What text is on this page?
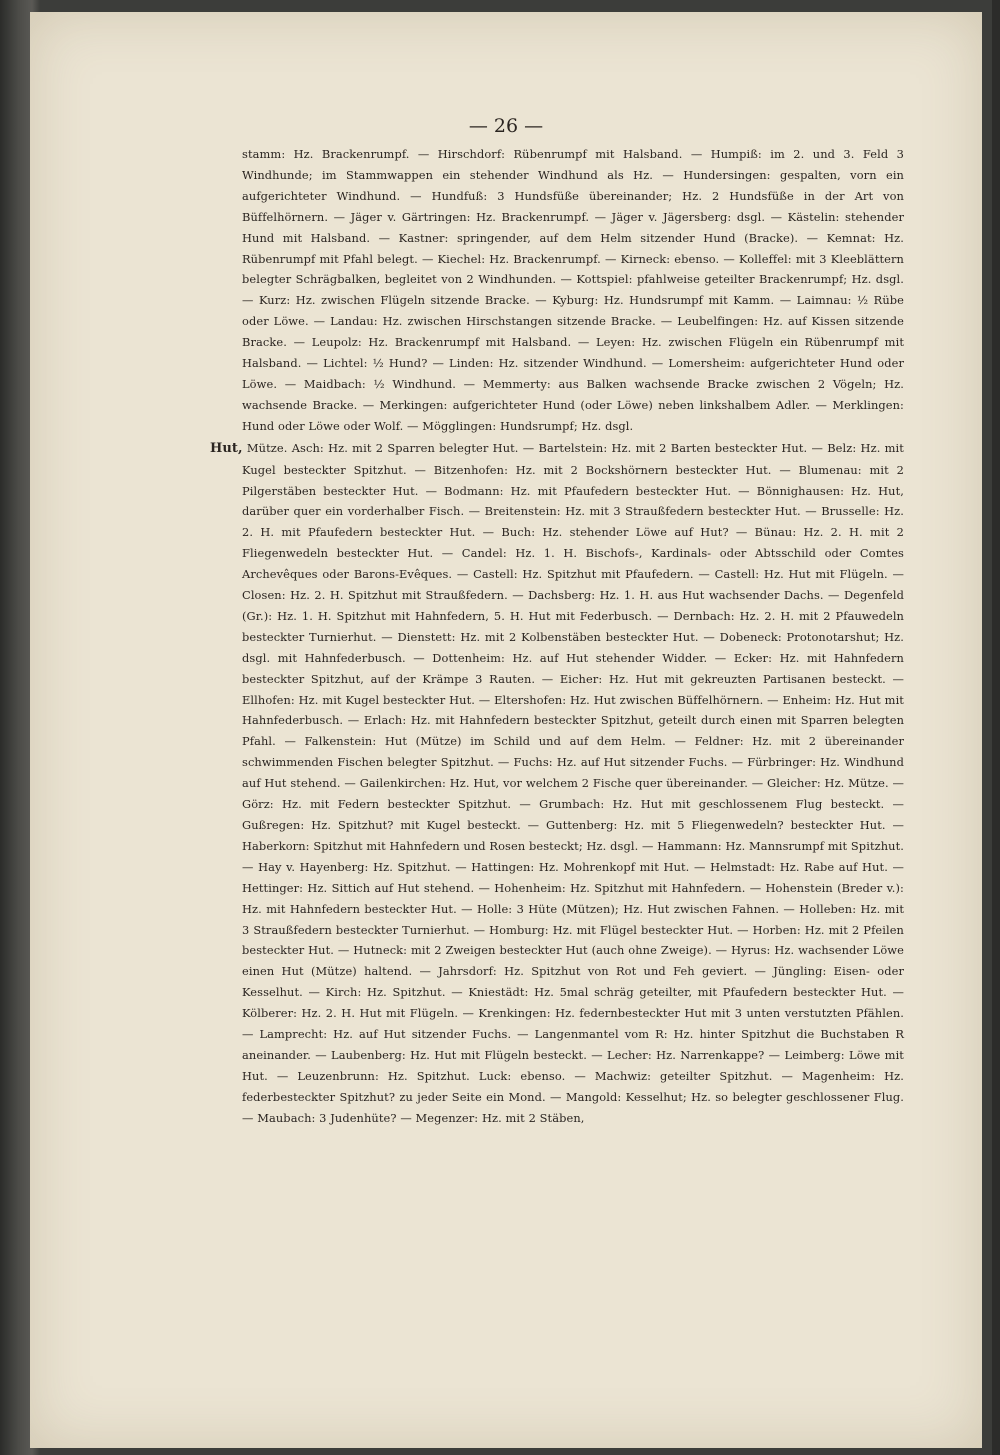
— 26 —

stamm: Hz. Brackenrumpf. — Hirschdorf: Rübenrumpf mit Halsband. — Humpiß: im 2. und 3. Feld 3 Windhunde; im Stammwappen ein stehender Windhund als Hz. — Hundersingen: gespalten, vorn ein aufgerichteter Windhund. — Hundfuß: 3 Hundsfüße übereinander; Hz. 2 Hundsfüße in der Art von Büffelhörnern. — Jäger v. Gärtringen: Hz. Brackenrumpf. — Jäger v. Jägersberg: dsgl. — Kästelin: stehender Hund mit Halsband. — Kastner: springender, auf dem Helm sitzender Hund (Bracke). — Kemnat: Hz. Rübenrumpf mit Pfahl belegt. — Kiechel: Hz. Brackenrumpf. — Kirneck: ebenso. — Kolleffel: mit 3 Kleeblättern belegter Schrägbalken, begleitet von 2 Windhunden. — Kottspiel: pfahlweise geteilter Brackenrumpf; Hz. dsgl. — Kurz: Hz. zwischen Flügeln sitzende Bracke. — Kyburg: Hz. Hundsrumpf mit Kamm. — Laimnau: ½ Rübe oder Löwe. — Landau: Hz. zwischen Hirschstangen sitzende Bracke. — Leubelfingen: Hz. auf Kissen sitzende Bracke. — Leupolz: Hz. Brackenrumpf mit Halsband. — Leyen: Hz. zwischen Flügeln ein Rübenrumpf mit Halsband. — Lichtel: ½ Hund? — Linden: Hz. sitzender Windhund. — Lomersheim: aufgerichteter Hund oder Löwe. — Maidbach: ½ Windhund. — Memmerty: aus Balken wachsende Bracke zwischen 2 Vögeln; Hz. wachsende Bracke. — Merkingen: aufgerichteter Hund (oder Löwe) neben linkshalbem Adler. — Merklingen: Hund oder Löwe oder Wolf. — Mögglingen: Hundsrumpf; Hz. dsgl.

Hut, Mütze. Asch: Hz. mit 2 Sparren belegter Hut. — Bartelstein: Hz. mit 2 Barten besteckter Hut. — Belz: Hz. mit Kugel besteckter Spitzhut. — Bitzenhofen: Hz. mit 2 Bockshörnern besteckter Hut. — Blumenau: mit 2 Pilgerstäben besteckter Hut. — Bodmann: Hz. mit Pfaufedern besteckter Hut. — Bönnighausen: Hz. Hut, darüber quer ein vorderhalber Fisch. — Breitenstein: Hz. mit 3 Straußfedern besteckter Hut. — Brusselle: Hz. 2. H. mit Pfaufedern besteckter Hut. — Buch: Hz. stehender Löwe auf Hut? — Bünau: Hz. 2. H. mit 2 Fliegenwedeln besteckter Hut. — Candel: Hz. 1. H. Bischofs-, Kardinals- oder Abtsschild oder Comtes Archevêques oder Barons-Evêques. — Castell: Hz. Spitzhut mit Pfaufedern. — Castell: Hz. Hut mit Flügeln. — Closen: Hz. 2. H. Spitzhut mit Straußfedern. — Dachsberg: Hz. 1. H. aus Hut wachsender Dachs. — Degenfeld (Gr.): Hz. 1. H. Spitzhut mit Hahnfedern, 5. H. Hut mit Federbusch. — Dernbach: Hz. 2. H. mit 2 Pfauwedeln besteckter Turnierhut. — Dienstett: Hz. mit 2 Kolbenstäben besteckter Hut. — Dobeneck: Protonotarshut; Hz. dsgl. mit Hahnfederbusch. — Dottenheim: Hz. auf Hut stehender Widder. — Ecker: Hz. mit Hahnfedern besteckter Spitzhut, auf der Krämpe 3 Rauten. — Eicher: Hz. Hut mit gekreuzten Partisanen besteckt. — Ellhofen: Hz. mit Kugel besteckter Hut. — Eltershofen: Hz. Hut zwischen Büffelhörnern. — Enheim: Hz. Hut mit Hahnfederbusch. — Erlach: Hz. mit Hahnfedern besteckter Spitzhut, geteilt durch einen mit Sparren belegten Pfahl. — Falkenstein: Hut (Mütze) im Schild und auf dem Helm. — Feldner: Hz. mit 2 übereinander schwimmenden Fischen belegter Spitzhut. — Fuchs: Hz. auf Hut sitzender Fuchs. — Fürbringer: Hz. Windhund auf Hut stehend. — Gailenkirchen: Hz. Hut, vor welchem 2 Fische quer übereinander. — Gleicher: Hz. Mütze. — Görz: Hz. mit Federn besteckter Spitzhut. — Grumbach: Hz. Hut mit geschlossenem Flug besteckt. — Gußregen: Hz. Spitzhut? mit Kugel besteckt. — Guttenberg: Hz. mit 5 Fliegenwedeln? besteckter Hut. — Haberkorn: Spitzhut mit Hahnfedern und Rosen besteckt; Hz. dsgl. — Hammann: Hz. Mannsrumpf mit Spitzhut. — Hay v. Hayenberg: Hz. Spitzhut. — Hattingen: Hz. Mohrenkopf mit Hut. — Helmstadt: Hz. Rabe auf Hut. — Hettinger: Hz. Sittich auf Hut stehend. — Hohenheim: Hz. Spitzhut mit Hahnfedern. — Hohenstein (Breder v.): Hz. mit Hahnfedern besteckter Hut. — Holle: 3 Hüte (Mützen); Hz. Hut zwischen Fahnen. — Holleben: Hz. mit 3 Straußfedern besteckter Turnierhut. — Homburg: Hz. mit Flügel besteckter Hut. — Horben: Hz. mit 2 Pfeilen besteckter Hut. — Hutneck: mit 2 Zweigen besteckter Hut (auch ohne Zweige). — Hyrus: Hz. wachsender Löwe einen Hut (Mütze) haltend. — Jahrsdorf: Hz. Spitzhut von Rot und Feh geviert. — Jüngling: Eisen- oder Kesselhut. — Kirch: Hz. Spitzhut. — Kniestädt: Hz. 5mal schräg geteilter, mit Pfaufedern besteckter Hut. — Kölberer: Hz. 2. H. Hut mit Flügeln. — Krenkingen: Hz. federnbesteckter Hut mit 3 unten verstutzten Pfählen. — Lamprecht: Hz. auf Hut sitzender Fuchs. — Langenmantel vom R: Hz. hinter Spitzhut die Buchstaben R aneinander. — Laubenberg: Hz. Hut mit Flügeln besteckt. — Lecher: Hz. Narrenkappe? — Leimberg: Löwe mit Hut. — Leuzenbrunn: Hz. Spitzhut. Luck: ebenso. — Machwiz: geteilter Spitzhut. — Magenheim: Hz. federbesteckter Spitzhut? zu jeder Seite ein Mond. — Mangold: Kesselhut; Hz. so belegter geschlossener Flug. — Maubach: 3 Judenhüte? — Megenzer: Hz. mit 2 Stäben,
